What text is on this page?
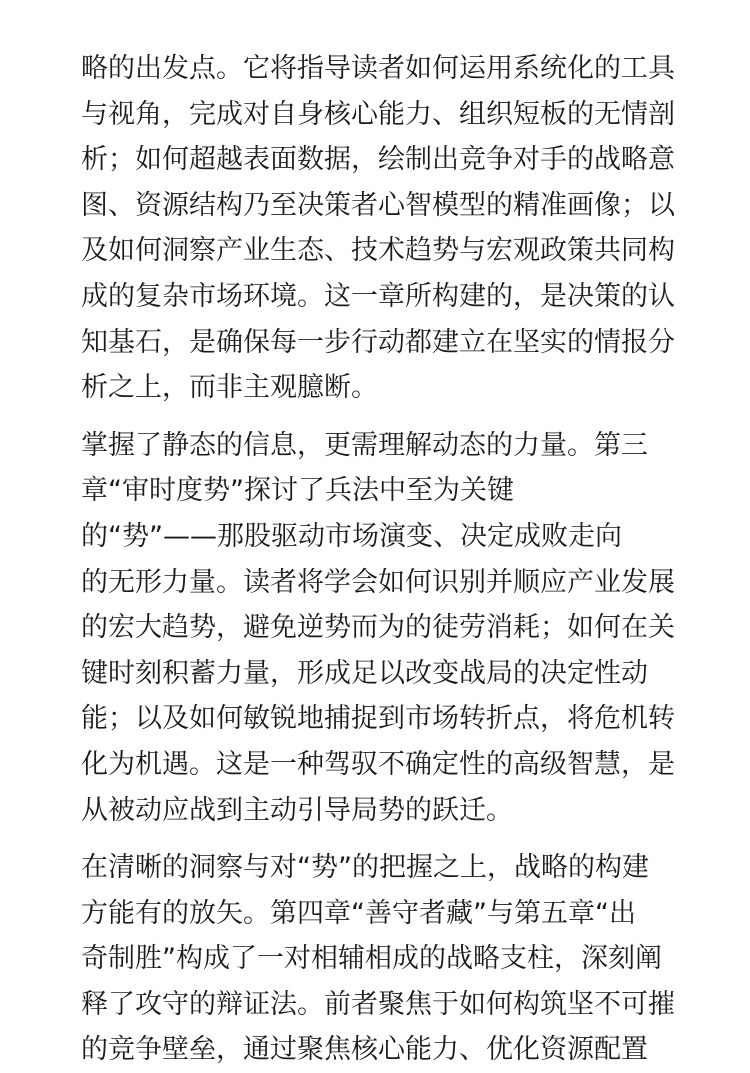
略的出发点。它将指导读者如何运用系统化的工具
与视角，完成对自身核心能力、组织短板的无情剖
析；如何超越表面数据，绘制出竞争对手的战略意
图、资源结构乃至决策者心智模型的精准画像；以
及如何洞察产业生态、技术趋势与宏观政策共同构
成的复杂市场环境。这一章所构建的，是决策的认
知基石，是确保每一步行动都建立在坚实的情报分
析之上，而非主观臆断。

掌握了静态的信息，更需理解动态的力量。第三
章“审时度势”探讨了兵法中至为关键
的“势”——那股驱动市场演变、决定成败走向
的无形力量。读者将学会如何识别并顺应产业发展
的宏大趋势，避免逆势而为的徒劳消耗；如何在关
键时刻积蓄力量，形成足以改变战局的决定性动
能；以及如何敏锐地捕捉到市场转折点，将危机转
化为机遇。这是一种驾驭不确定性的高级智慧，是
从被动应战到主动引导局势的跃迁。

在清晰的洞察与对“势”的把握之上，战略的构建
方能有的放矢。第四章“善守者藏”与第五章“出
奇制胜”构成了一对相辅相成的战略支柱，深刻阐
释了攻守的辩证法。前者聚焦于如何构筑坚不可摧
的竞争壁垒，通过聚焦核心能力、优化资源配置
